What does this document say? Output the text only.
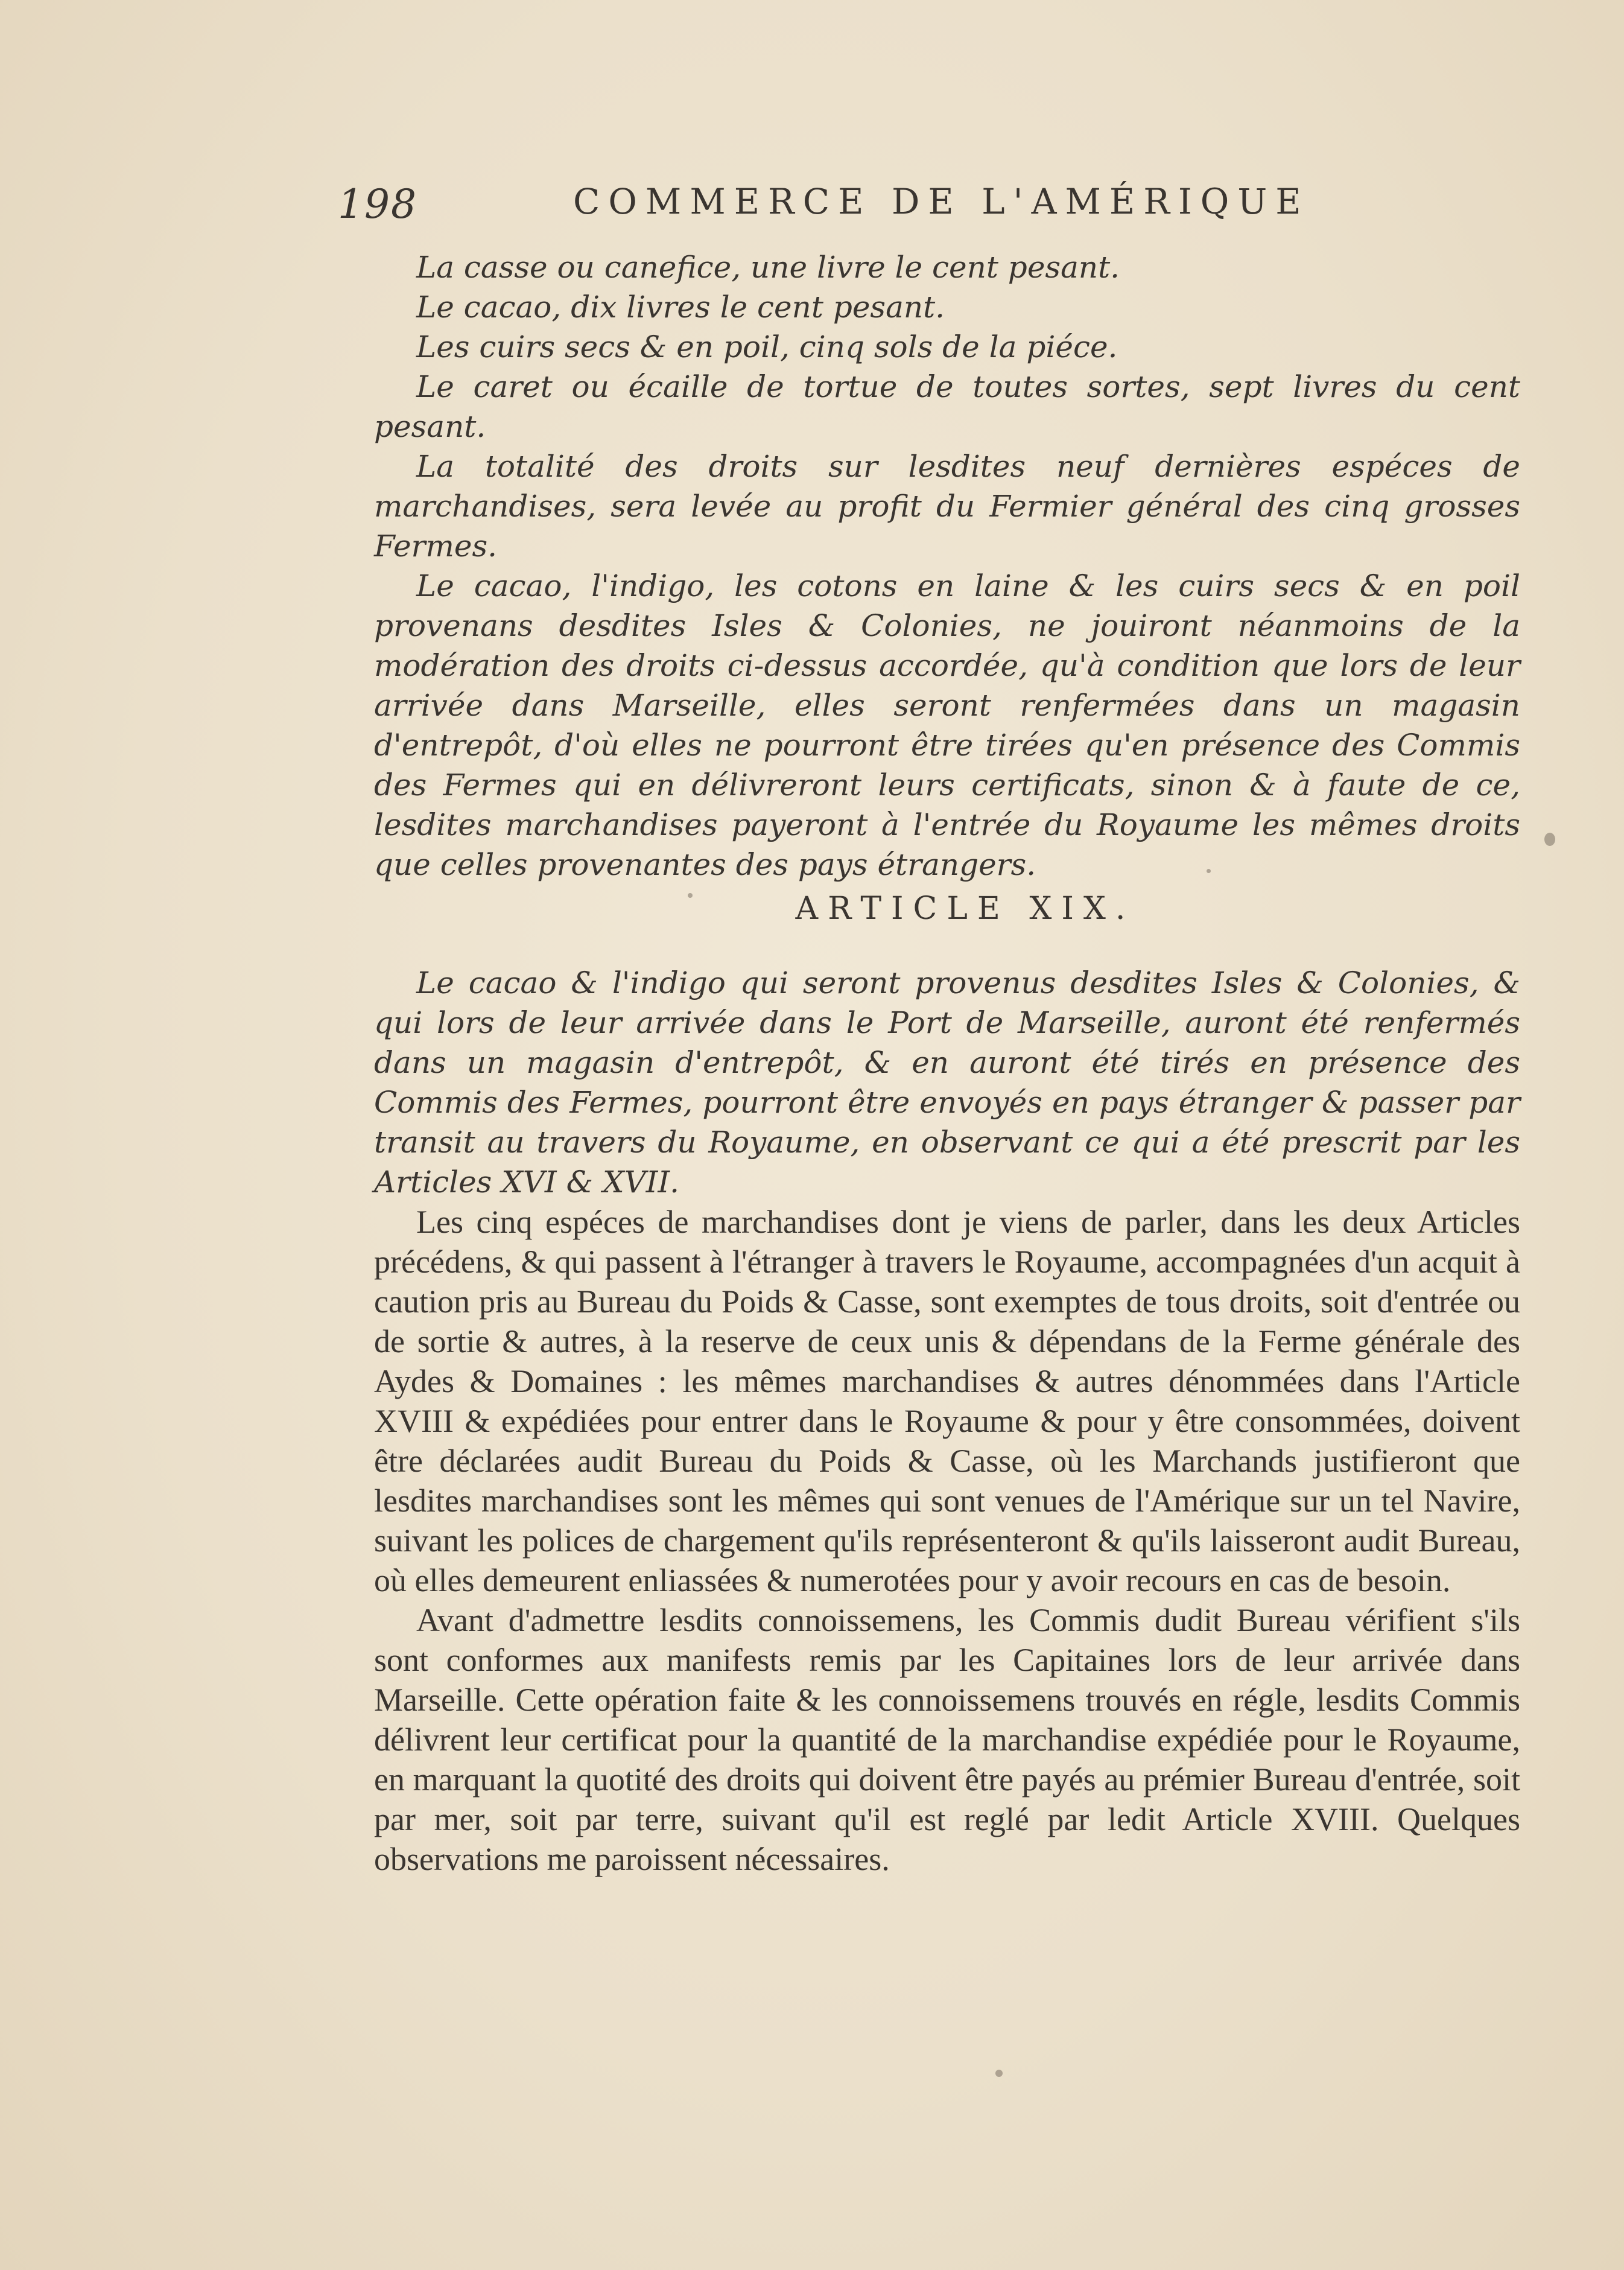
198	COMMERCE DE L'AMÉRIQUE

La casse ou canefice, une livre le cent pesant.

Le cacao, dix livres le cent pesant.

Les cuirs secs & en poil, cinq sols de la piéce.

Le caret ou écaille de tortue de toutes sortes, sept livres du cent pesant.

La totalité des droits sur lesdites neuf dernières espéces de marchandises, sera levée au profit du Fermier général des cinq grosses Fermes.

Le cacao, l'indigo, les cotons en laine & les cuirs secs & en poil provenans desdites Isles & Colonies, ne jouiront néanmoins de la modération des droits ci-dessus accordée, qu'à condition que lors de leur arrivée dans Marseille, elles seront renfermées dans un magasin d'entrepôt, d'où elles ne pourront être tirées qu'en présence des Commis des Fermes qui en délivreront leurs certificats, sinon & à faute de ce, lesdites marchandises payeront à l'entrée du Royaume les mêmes droits que celles provenantes des pays étrangers.

ARTICLE XIX.

Le cacao & l'indigo qui seront provenus desdites Isles & Colonies, & qui lors de leur arrivée dans le Port de Marseille, auront été renfermés dans un magasin d'entrepôt, & en auront été tirés en présence des Commis des Fermes, pourront être envoyés en pays étranger & passer par transit au travers du Royaume, en observant ce qui a été prescrit par les Articles XVI & XVII.

Les cinq espéces de marchandises dont je viens de parler, dans les deux Articles précédens, & qui passent à l'étranger à travers le Royaume, accompagnées d'un acquit à caution pris au Bureau du Poids & Casse, sont exemptes de tous droits, soit d'entrée ou de sortie & autres, à la reserve de ceux unis & dépendans de la Ferme générale des Aydes & Domaines : les mêmes marchandises & autres dénommées dans l'Article XVIII & expédiées pour entrer dans le Royaume & pour y être consommées, doivent être déclarées audit Bureau du Poids & Casse, où les Marchands justifieront que lesdites marchandises sont les mêmes qui sont venues de l'Amérique sur un tel Navire, suivant les polices de chargement qu'ils représenteront & qu'ils laisseront audit Bureau, où elles demeurent enliassées & numerotées pour y avoir recours en cas de besoin.

Avant d'admettre lesdits connoissemens, les Commis dudit Bureau vérifient s'ils sont conformes aux manifests remis par les Capitaines lors de leur arrivée dans Marseille. Cette opération faite & les connoissemens trouvés en régle, lesdits Commis délivrent leur certificat pour la quantité de la marchandise expédiée pour le Royaume, en marquant la quotité des droits qui doivent être payés au prémier Bureau d'entrée, soit par mer, soit par terre, suivant qu'il est reglé par ledit Article XVIII. Quelques observations me paroissent nécessaires.
